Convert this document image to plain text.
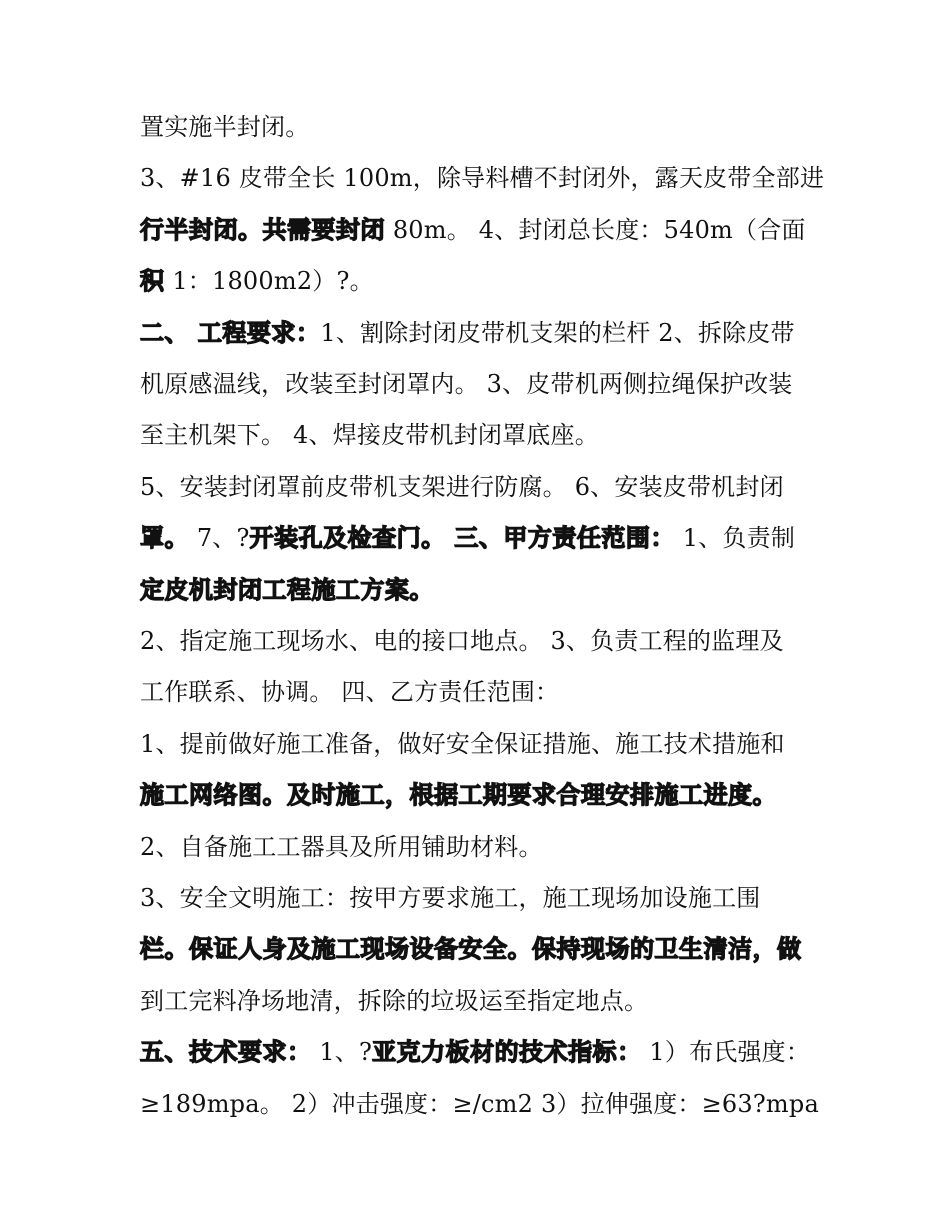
置实施半封闭。
3、#16 皮带全长 100m，除导料槽不封闭外，露天皮带全部进
行半封闭。共需要封闭 80m。 4、封闭总长度：540m（合面
积 1：1800m2）?。
二、 工程要求：1、割除封闭皮带机支架的栏杆 2、拆除皮带
机原感温线，改装至封闭罩内。 3、皮带机两侧拉绳保护改装
至主机架下。 4、焊接皮带机封闭罩底座。
5、安装封闭罩前皮带机支架进行防腐。 6、安装皮带机封闭
罩。 7、?开装孔及检查门。 三、甲方责任范围： 1、负责制
定皮机封闭工程施工方案。
2、指定施工现场水、电的接口地点。 3、负责工程的监理及
工作联系、协调。 四、乙方责任范围：
1、提前做好施工准备，做好安全保证措施、施工技术措施和
施工网络图。及时施工，根据工期要求合理安排施工进度。
2、自备施工工器具及所用铺助材料。
3、安全文明施工：按甲方要求施工，施工现场加设施工围
栏。保证人身及施工现场设备安全。保持现场的卫生清洁，做
到工完料净场地清，拆除的垃圾运至指定地点。
五、技术要求： 1、?亚克力板材的技术指标： 1）布氏强度：
≥189mpa。 2）冲击强度：≥/cm2 3）拉伸强度：≥63?mpa
